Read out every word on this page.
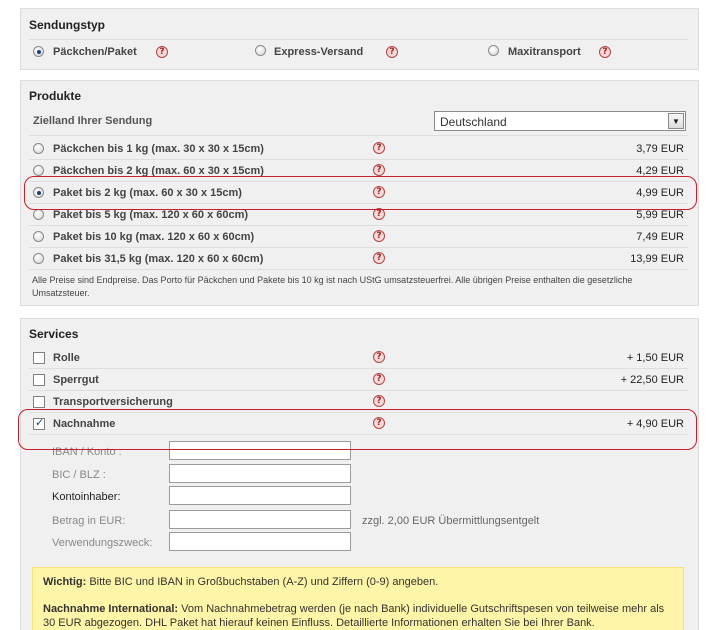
Sendungstyp
Päckchen/Paket	?	Express-Versand	?	Maxitransport	?
Produkte
Zielland Ihrer Sendung	Deutschland	▼
Päckchen bis 1 kg (max. 30 x 30 x 15cm)	?	3,79 EUR
Päckchen bis 2 kg (max. 60 x 30 x 15cm)	?	4,29 EUR
Paket bis 2 kg (max. 60 x 30 x 15cm)	?	4,99 EUR
Paket bis 5 kg (max. 120 x 60 x 60cm)	?	5,99 EUR
Paket bis 10 kg (max. 120 x 60 x 60cm)	?	7,49 EUR
Paket bis 31,5 kg (max. 120 x 60 x 60cm)	?	13,99 EUR
Alle Preise sind Endpreise. Das Porto für Päckchen und Pakete bis 10 kg ist nach UStG umsatzsteuerfrei. Alle übrigen Preise enthalten die gesetzliche
Umsatzsteuer.
Services
Rolle	?	+ 1,50 EUR
Sperrgut	?	+ 22,50 EUR
Transportversicherung	?
✓
Nachnahme	?	+ 4,90 EUR
IBAN / Konto :
BIC / BLZ :
Kontoinhaber:
Betrag in EUR:	zzgl. 2,00 EUR Übermittlungsentgelt
Verwendungszweck:
Wichtig: Bitte BIC und IBAN in Großbuchstaben (A-Z) und Ziffern (0-9) angeben.
Nachnahme International: Vom Nachnahmebetrag werden (je nach Bank) individuelle Gutschriftspesen von teilweise mehr als 30 EUR abgezogen. DHL Paket hat hierauf keinen Einfluss. Detaillierte Informationen erhalten Sie bei Ihrer Bank.
